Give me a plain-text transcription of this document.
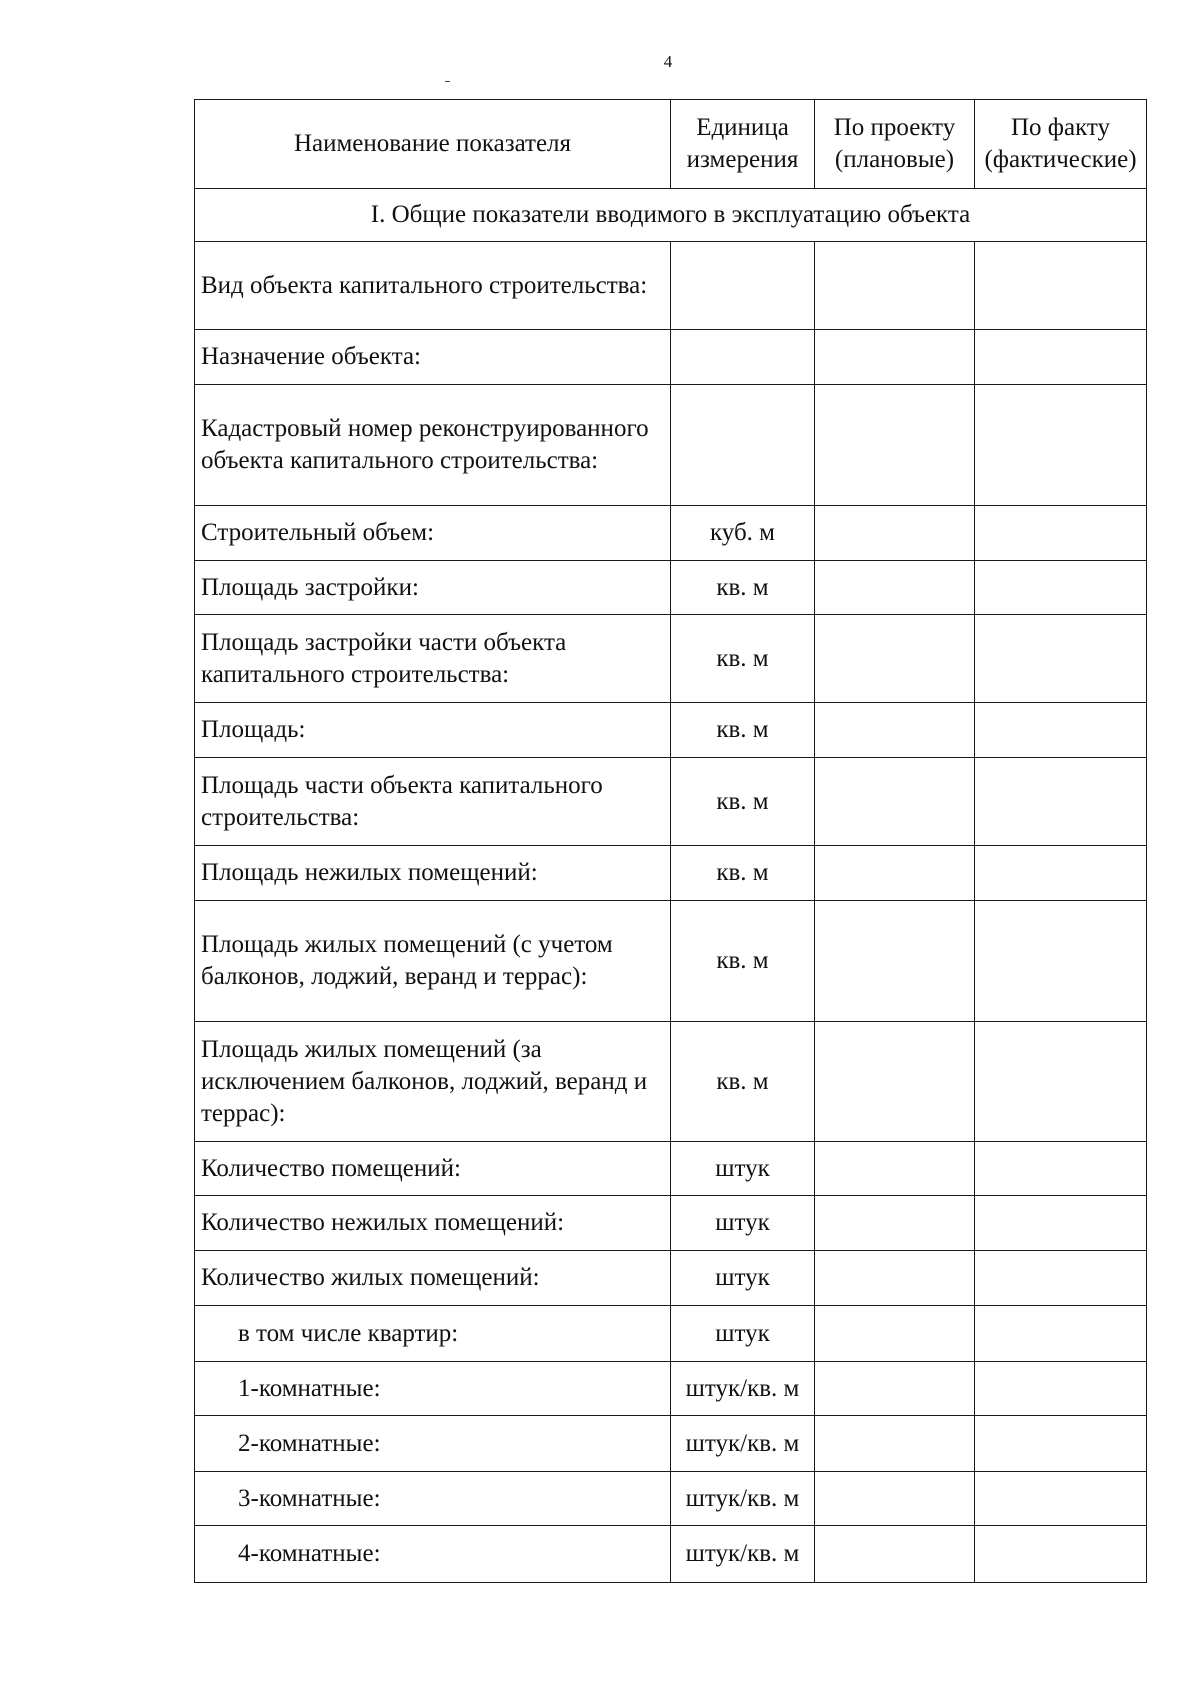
4
Наименование показателя	Единица измерения	По проекту (плановые)	По факту (фактические)
I. Общие показатели вводимого в эксплуатацию объекта			
Вид объекта капитального строительства:			
Назначение объекта:			
Кадастровый номер реконструированного объекта капитального строительства:			
Строительный объем:	куб. м		
Площадь застройки:	кв. м		
Площадь застройки части объекта капитального строительства:	кв. м		
Площадь:	кв. м		
Площадь части объекта капитального строительства:	кв. м		
Площадь нежилых помещений:	кв. м		
Площадь жилых помещений (с учетом балконов, лоджий, веранд и террас):	кв. м		
Площадь жилых помещений (за исключением балконов, лоджий, веранд и террас):	кв. м		
Количество помещений:	штук		
Количество нежилых помещений:	штук		
Количество жилых помещений:	штук		
в том числе квартир:	штук		
1-комнатные:	штук/кв. м		
2-комнатные:	штук/кв. м		
3-комнатные:	штук/кв. м		
4-комнатные:	штук/кв. м		
